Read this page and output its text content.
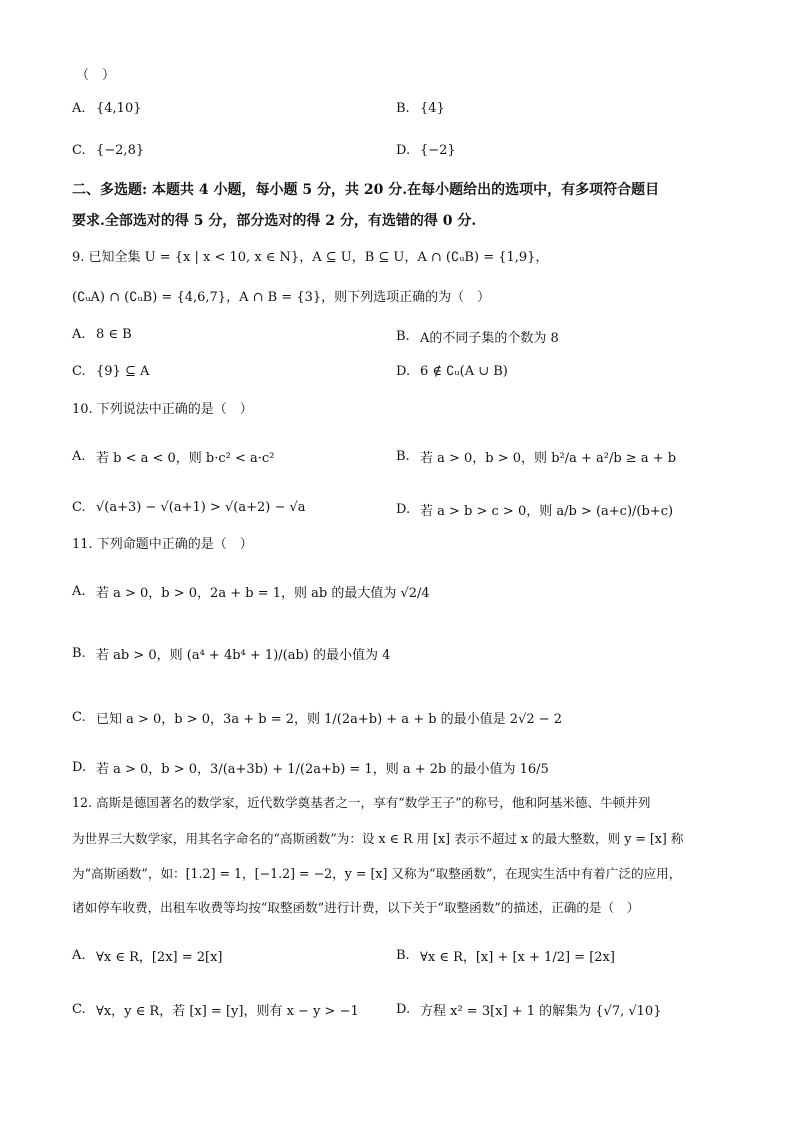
（　）
A. {4,10}	B. {4}
C. {−2,8}	D. {−2}
二、多选题: 本题共 4 小题，每小题 5 分，共 20 分.在每小题给出的选项中，有多项符合题目
要求.全部选对的得 5 分，部分选对的得 2 分，有选错的得 0 分.
9. 已知全集 U = {x | x < 10, x ∈ N}，A ⊆ U，B ⊆ U，A ∩ (∁ᵤB) = {1,9}，
(∁ᵤA) ∩ (∁ᵤB) = {4,6,7}，A ∩ B = {3}，则下列选项正确的为（　）
A. 8 ∈ B	B. A的不同子集的个数为 8
C. {9} ⊆ A	D. 6 ∉ ∁ᵤ(A ∪ B)
10. 下列说法中正确的是（　）
A. 若 b < a < 0，则 b·c² < a·c²	B. 若 a > 0，b > 0，则 b²/a + a²/b ≥ a + b
C. √(a+3) − √(a+1) > √(a+2) − √a	D. 若 a > b > c > 0，则 a/b > (a+c)/(b+c)
11. 下列命题中正确的是（　）
A. 若 a > 0，b > 0，2a + b = 1，则 ab 的最大值为 √2/4
B. 若 ab > 0，则 (a⁴ + 4b⁴ + 1)/(ab) 的最小值为 4
C. 已知 a > 0，b > 0，3a + b = 2，则 1/(2a+b) + a + b 的最小值是 2√2 − 2
D. 若 a > 0，b > 0，3/(a+3b) + 1/(2a+b) = 1，则 a + 2b 的最小值为 16/5
12. 高斯是德国著名的数学家，近代数学奠基者之一，享有“数学王子”的称号，他和阿基米德、牛顿并列
为世界三大数学家，用其名字命名的“高斯函数”为：设 x ∈ R 用 [x] 表示不超过 x 的最大整数，则 y = [x] 称
为“高斯函数”，如：[1.2] = 1，[−1.2] = −2，y = [x] 又称为“取整函数”，在现实生活中有着广泛的应用，
诸如停车收费，出租车收费等均按“取整函数”进行计费，以下关于“取整函数”的描述，正确的是（　）
A. ∀x ∈ R，[2x] = 2[x]	B. ∀x ∈ R，[x] + [x + 1/2] = [2x]
C. ∀x，y ∈ R，若 [x] = [y]，则有 x − y > −1	D. 方程 x² = 3[x] + 1 的解集为 {√7, √10}
